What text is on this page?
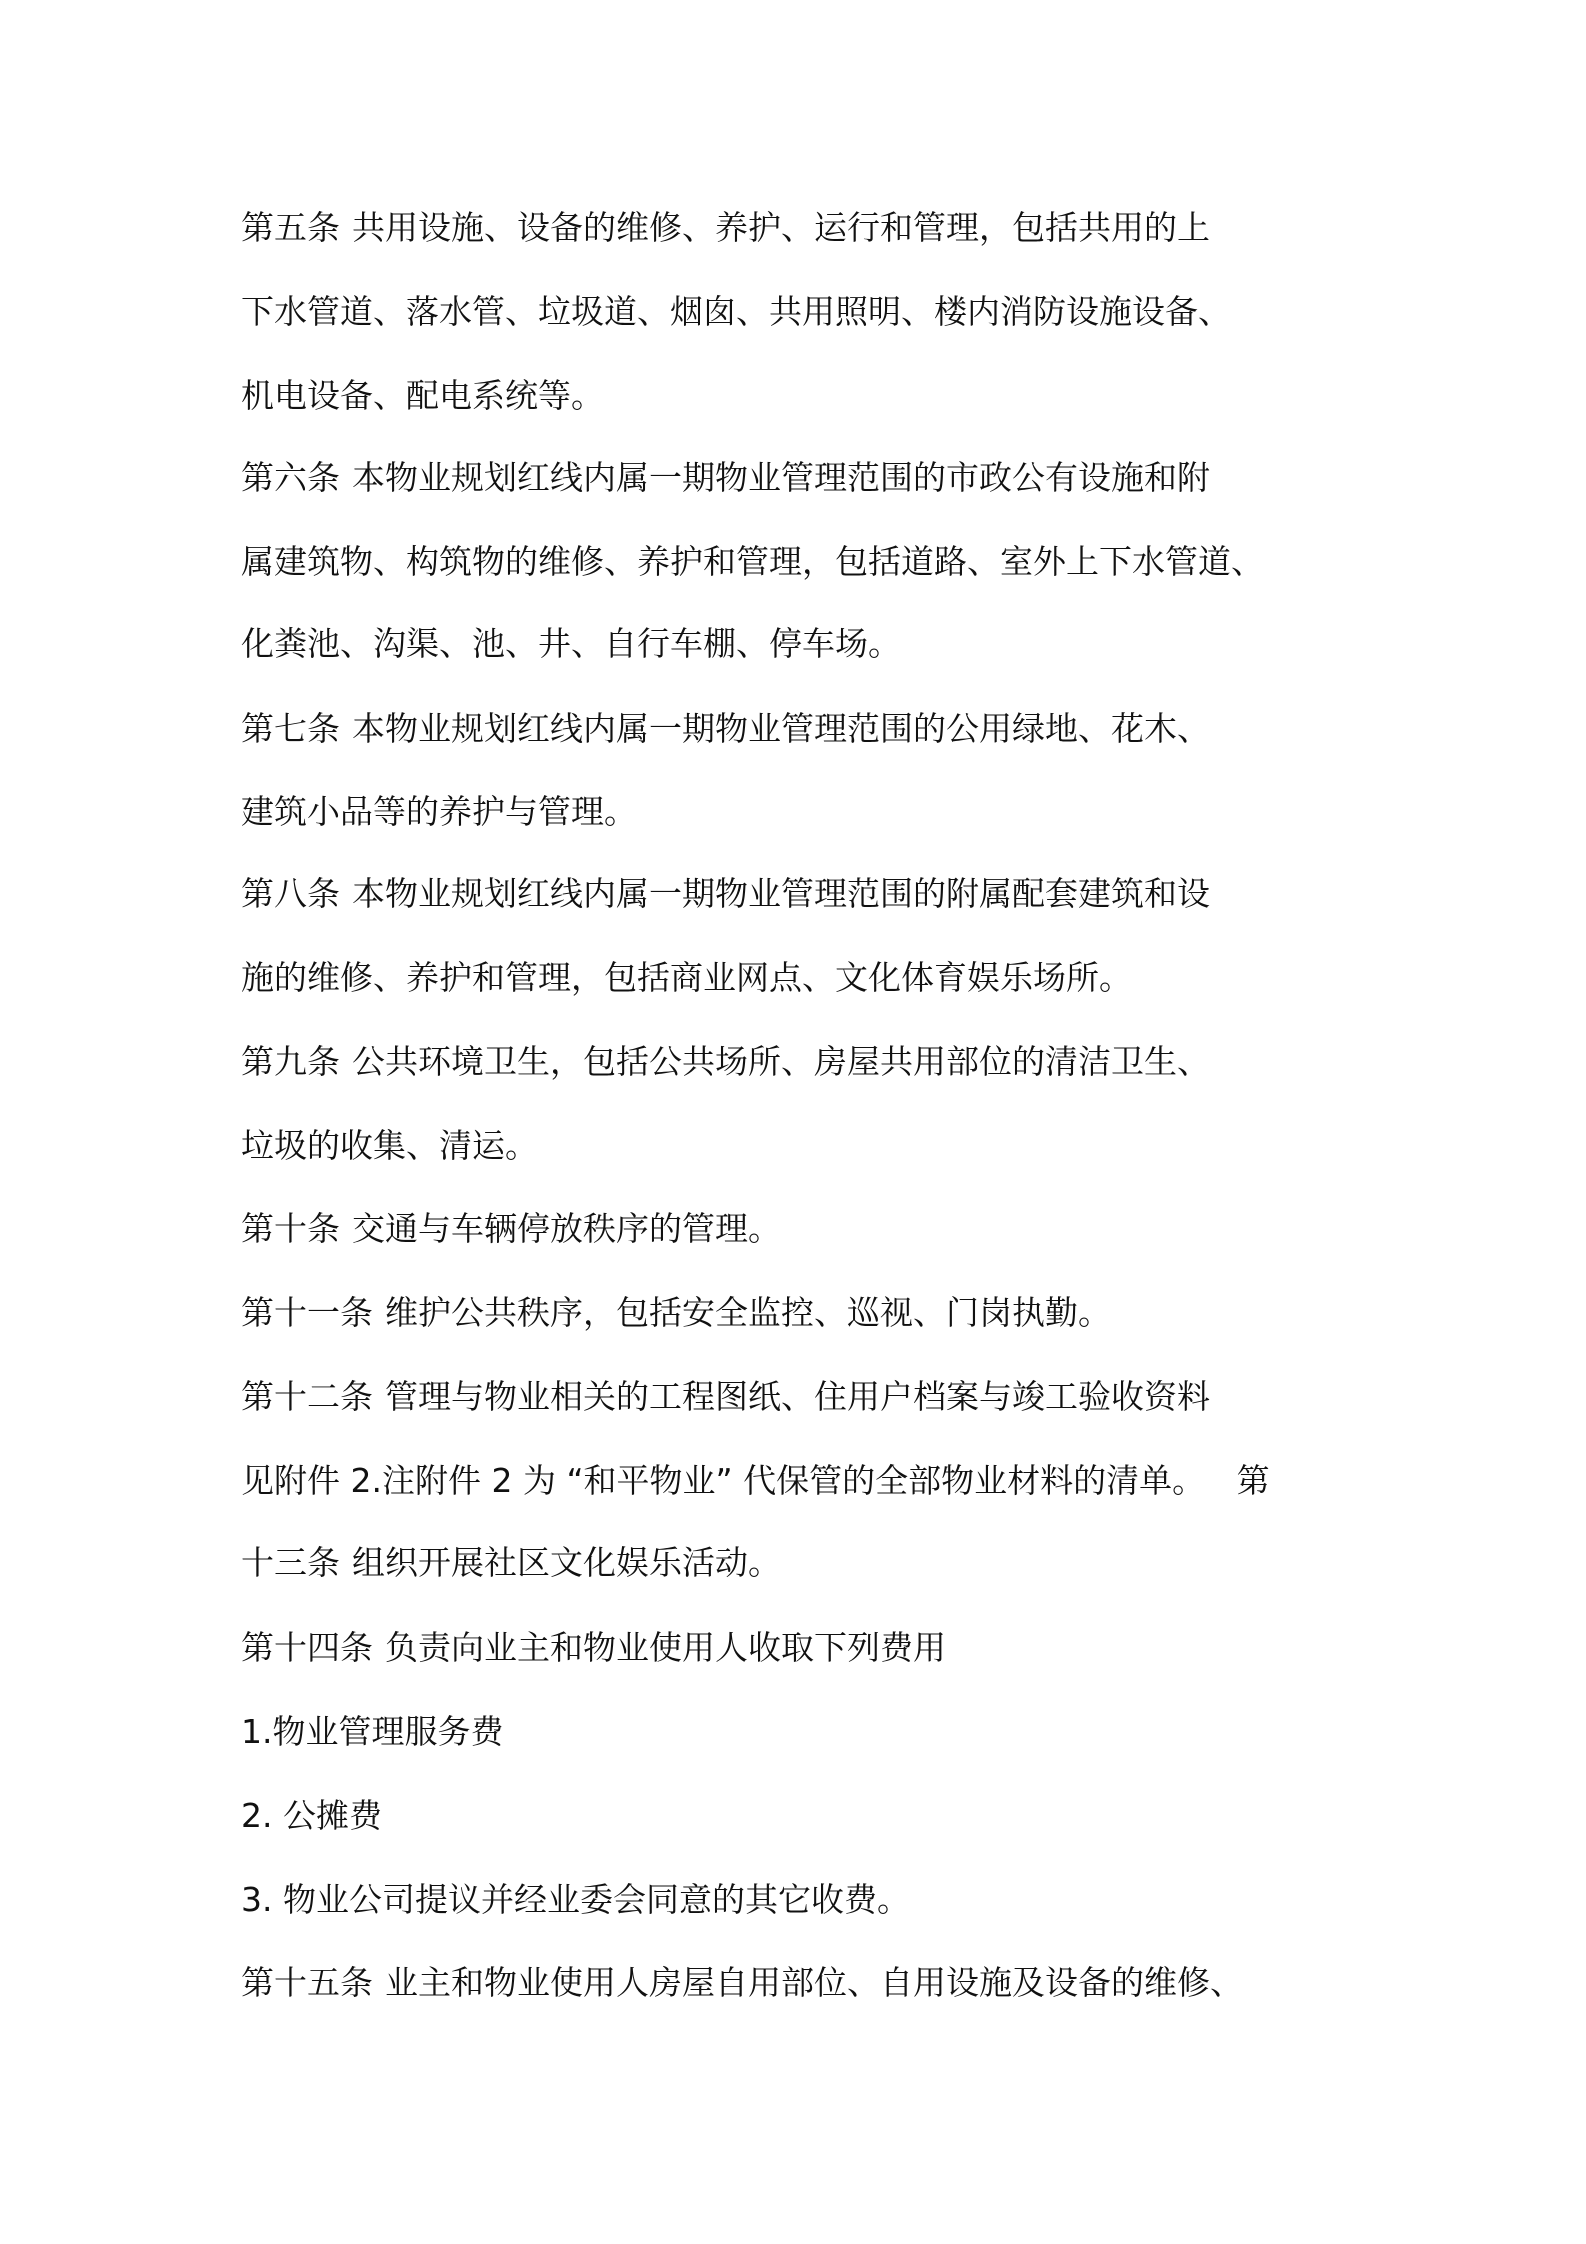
第五条 共用设施、设备的维修、养护、运行和管理，包括共用的上

下水管道、落水管、垃圾道、烟囱、共用照明、楼内消防设施设备、

机电设备、配电系统等。

第六条 本物业规划红线内属一期物业管理范围的市政公有设施和附

属建筑物、构筑物的维修、养护和管理，包括道路、室外上下水管道、

化粪池、沟渠、池、井、自行车棚、停车场。

第七条 本物业规划红线内属一期物业管理范围的公用绿地、花木、

建筑小品等的养护与管理。

第八条 本物业规划红线内属一期物业管理范围的附属配套建筑和设

施的维修、养护和管理，包括商业网点、文化体育娱乐场所。

第九条 公共环境卫生，包括公共场所、房屋共用部位的清洁卫生、

垃圾的收集、清运。

第十条 交通与车辆停放秩序的管理。

第十一条 维护公共秩序，包括安全监控、巡视、门岗执勤。

第十二条 管理与物业相关的工程图纸、住用户档案与竣工验收资料

见附件 2.注附件 2 为 “和平物业” 代保管的全部物业材料的清单。   第

十三条 组织开展社区文化娱乐活动。

第十四条 负责向业主和物业使用人收取下列费用

1.物业管理服务费

2. 公摊费

3. 物业公司提议并经业委会同意的其它收费。

第十五条 业主和物业使用人房屋自用部位、自用设施及设备的维修、
